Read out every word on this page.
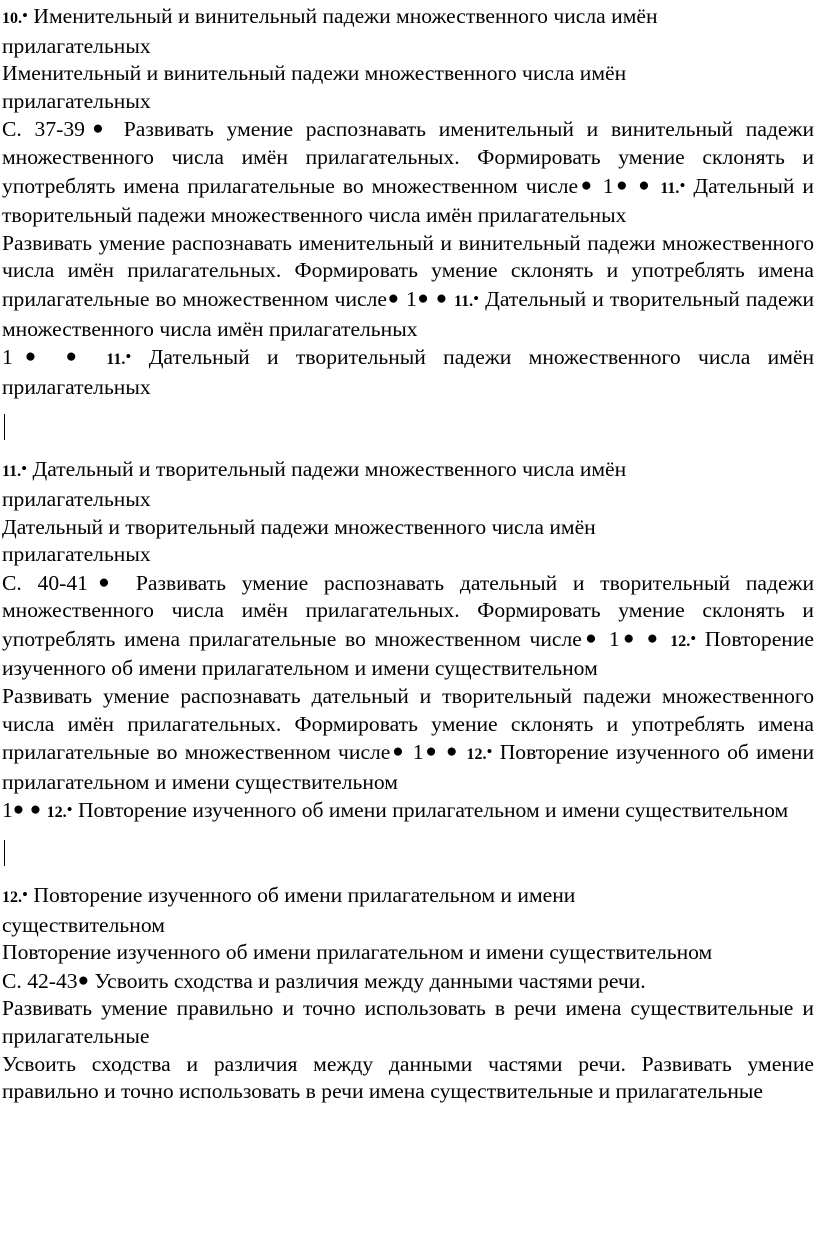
10.• Именительный и винительный падежи множественного числа имён прилагательных

Именительный и винительный падежи множественного числа имён прилагательных

С. 37-39● Развивать умение распознавать именительный и винительный падежи множественного числа имён прилагательных. Формировать умение склонять и употреблять имена прилагательные во множественном числе● 1● ● 11.• Дательный и творительный падежи множественного числа имён прилагательных

Развивать умение распознавать именительный и винительный падежи множественного числа имён прилагательных. Формировать умение склонять и употреблять имена прилагательные во множественном числе● 1● ● 11.• Дательный и творительный падежи множественного числа имён прилагательных

1● ● 11.• Дательный и творительный падежи множественного числа имён прилагательных

11.• Дательный и творительный падежи множественного числа имён прилагательных

Дательный и творительный падежи множественного числа имён прилагательных

С. 40-41● Развивать умение распознавать дательный и творительный падежи множественного числа имён прилагательных. Формировать умение склонять и употреблять имена прилагательные во множественном числе● 1● ● 12.• Повторение изученного об имени прилагательном и имени существительном

Развивать умение распознавать дательный и творительный падежи множественного числа имён прилагательных. Формировать умение склонять и употреблять имена прилагательные во множественном числе● 1● ● 12.• Повторение изученного об имени прилагательном и имени существительном

1● ● 12.• Повторение изученного об имени прилагательном и имени существительном

12.• Повторение изученного об имени прилагательном и имени существительном

Повторение изученного об имени прилагательном и имени существительном

С. 42-43● Усвоить сходства и различия между данными частями речи.

Развивать умение правильно и точно использовать в речи имена существительные и прилагательные

Усвоить сходства и различия между данными частями речи. Развивать умение правильно и точно использовать в речи имена существительные и прилагательные
